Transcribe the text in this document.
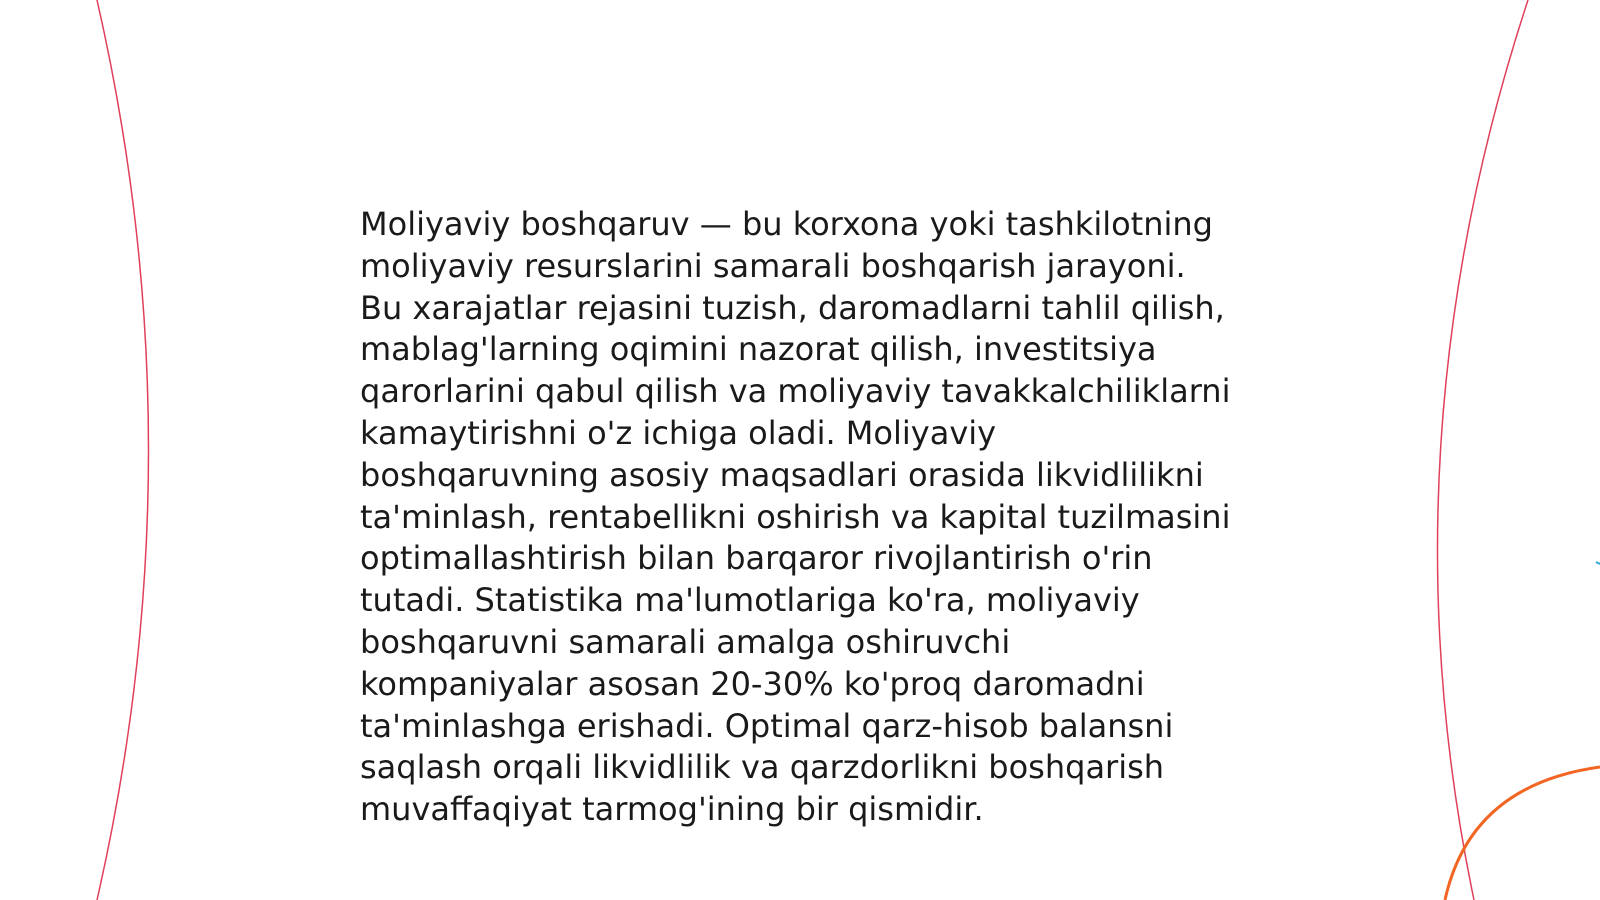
Moliyaviy boshqaruv — bu korxona yoki tashkilotning
moliyaviy resurslarini samarali boshqarish jarayoni.
Bu xarajatlar rejasini tuzish, daromadlarni tahlil qilish,
mablag'larning oqimini nazorat qilish, investitsiya
qarorlarini qabul qilish va moliyaviy tavakkalchiliklarni
kamaytirishni o'z ichiga oladi. Moliyaviy
boshqaruvning asosiy maqsadlari orasida likvidlilikni
ta'minlash, rentabellikni oshirish va kapital tuzilmasini
optimallashtirish bilan barqaror rivojlantirish o'rin
tutadi. Statistika ma'lumotlariga ko'ra, moliyaviy
boshqaruvni samarali amalga oshiruvchi
kompaniyalar asosan 20-30% ko'proq daromadni
ta'minlashga erishadi. Optimal qarz-hisob balansni
saqlash orqali likvidlilik va qarzdorlikni boshqarish
muvaffaqiyat tarmog'ining bir qismidir.
